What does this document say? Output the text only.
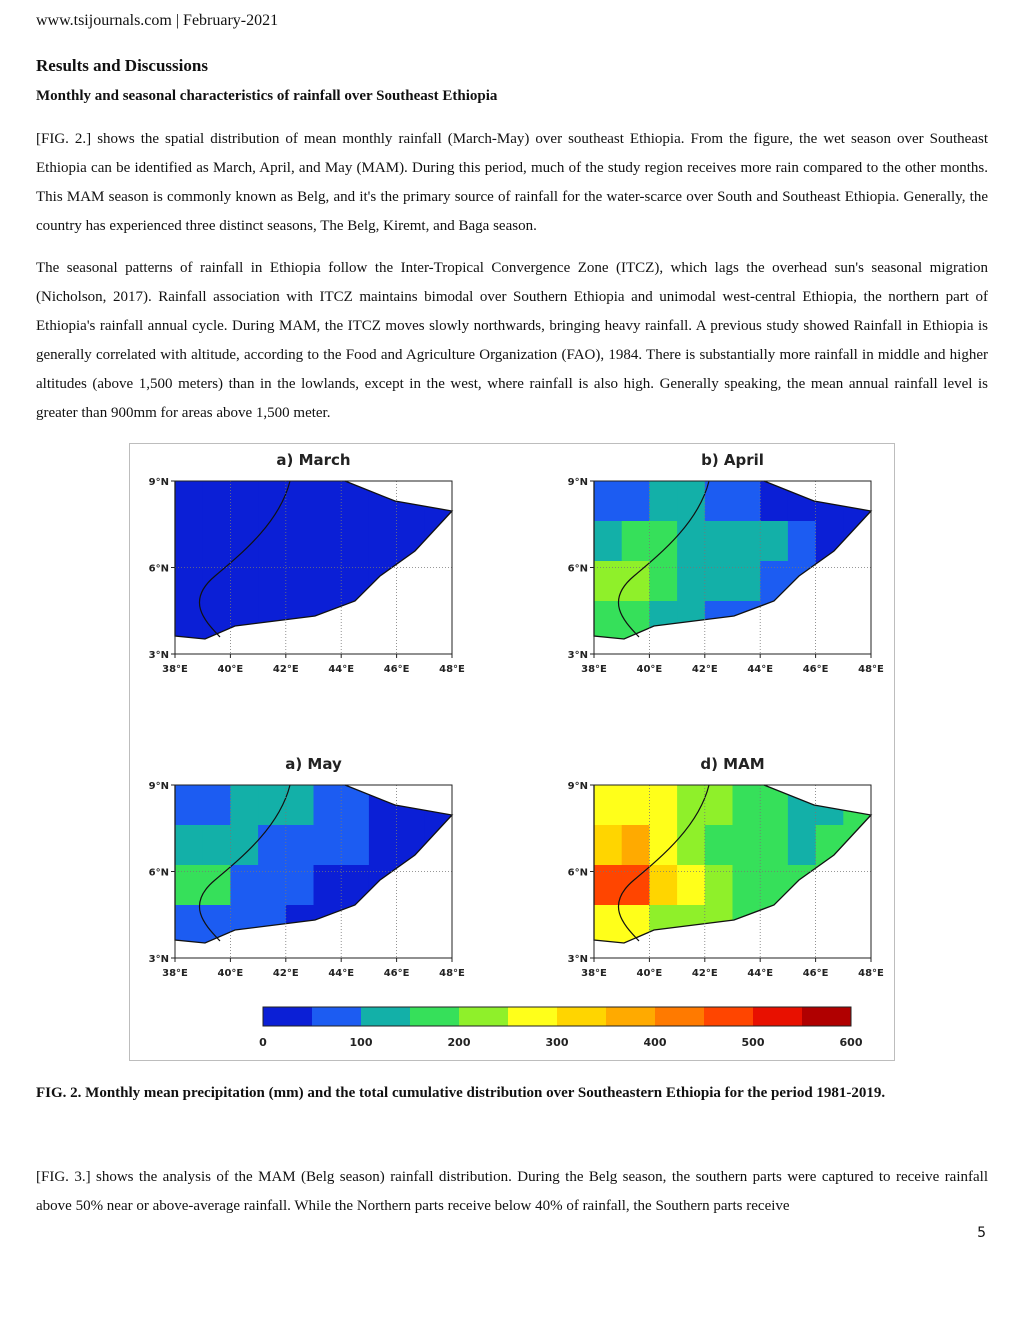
www.tsijournals.com | February-2021
Results and Discussions
Monthly and seasonal characteristics of rainfall over Southeast Ethiopia

[FIG. 2.] shows the spatial distribution of mean monthly rainfall (March-May) over southeast Ethiopia. From the figure, the wet season over Southeast Ethiopia can be identified as March, April, and May (MAM). During this period, much of the study region receives more rain compared to the other months. This MAM season is commonly known as Belg, and it's the primary source of rainfall for the water-scarce over South and Southeast Ethiopia. Generally, the country has experienced three distinct seasons, The Belg, Kiremt, and Baga season.

The seasonal patterns of rainfall in Ethiopia follow the Inter-Tropical Convergence Zone (ITCZ), which lags the overhead sun's seasonal migration (Nicholson, 2017). Rainfall association with ITCZ maintains bimodal over Southern Ethiopia and unimodal west-central Ethiopia, the northern part of Ethiopia's rainfall annual cycle. During MAM, the ITCZ moves slowly northwards, bringing heavy rainfall. A previous study showed Rainfall in Ethiopia is generally correlated with altitude, according to the Food and Agriculture Organization (FAO), 1984. There is substantially more rainfall in middle and higher altitudes (above 1,500 meters) than in the lowlands, except in the west, where rainfall is also high. Generally speaking, the mean annual rainfall level is greater than 900mm for areas above 1,500 meter.

a) March
9°N
6°N
3°N
38°E	40°E	42°E	44°E	46°E	48°E
b) April
9°N
6°N
3°N
38°E	40°E	42°E	44°E	46°E	48°E
a) May
9°N
6°N
3°N
38°E	40°E	42°E	44°E	46°E	48°E
d) MAM
9°N
6°N
3°N
38°E	40°E	42°E	44°E	46°E	48°E
0	100	200	300	400	500	600
FIG. 2. Monthly mean precipitation (mm) and the total cumulative distribution over Southeastern Ethiopia for the period 1981-2019.

[FIG. 3.] shows the analysis of the MAM (Belg season) rainfall distribution. During the Belg season, the southern parts were captured to receive rainfall above 50% near or above-average rainfall. While the Northern parts receive below 40% of rainfall, the Southern parts receive

5
